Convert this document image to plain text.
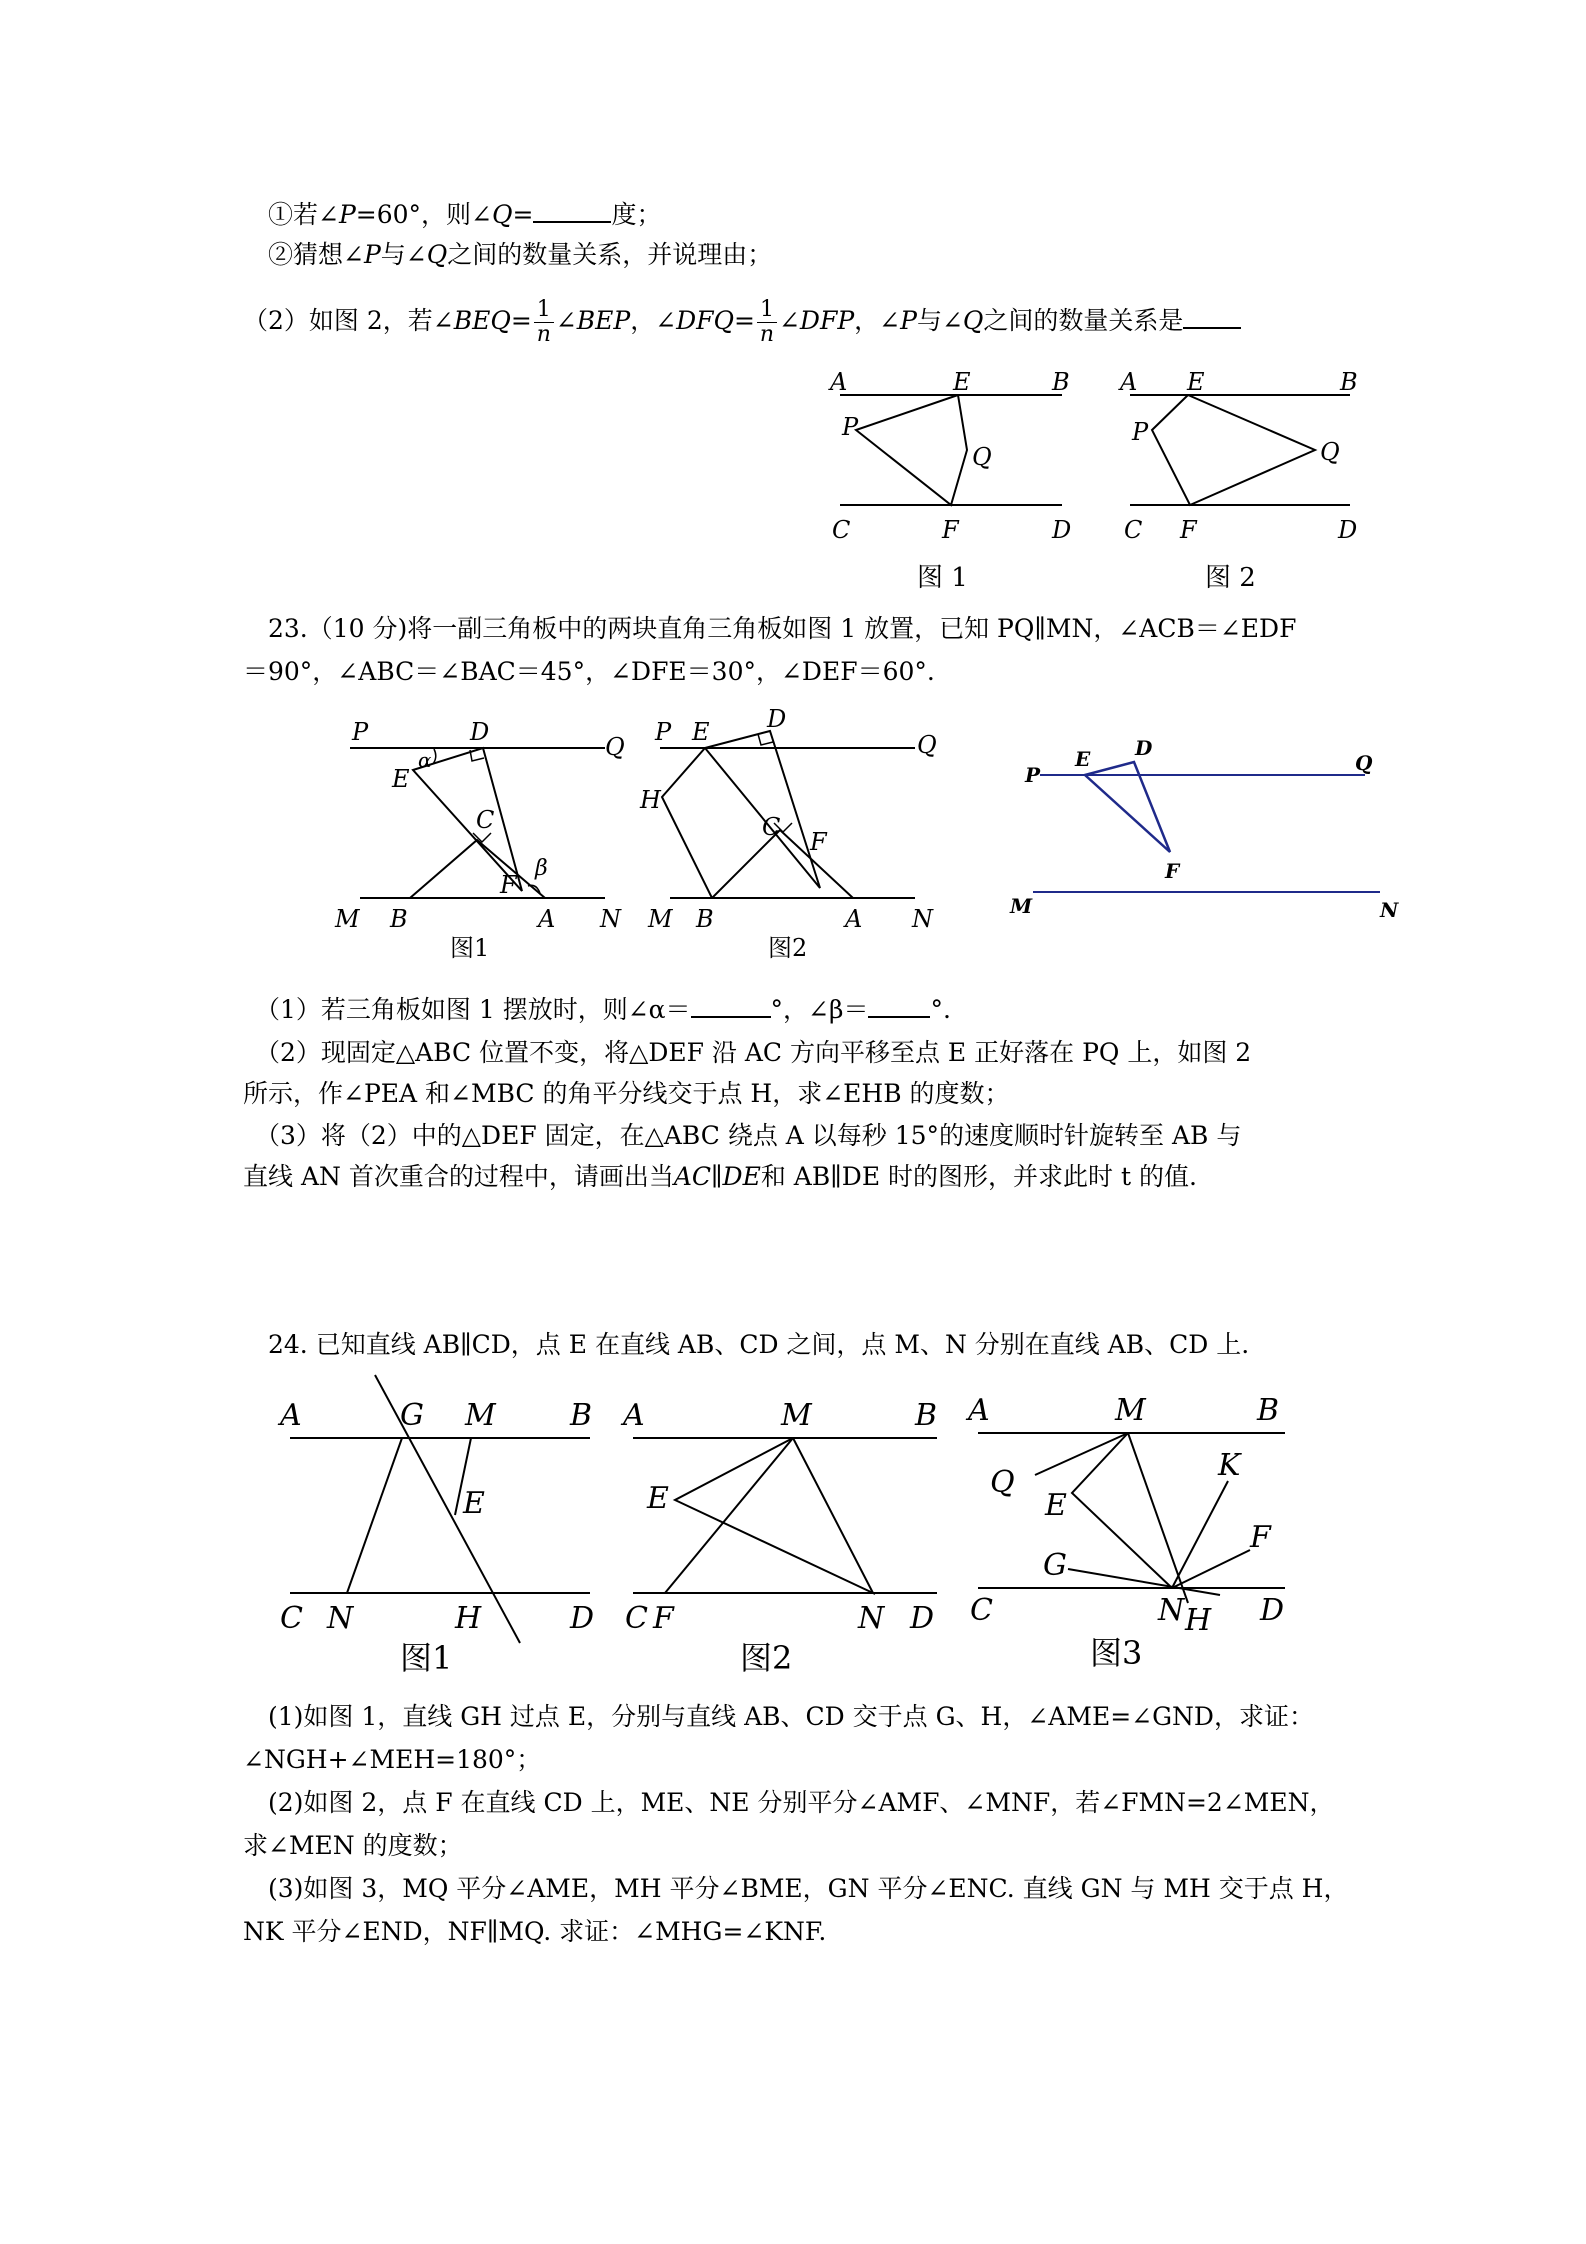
①若∠P=60°，则∠Q=	度；
②猜想∠P与∠Q之间的数量关系，并说理由；
（2）如图 2，若∠BEQ= $\frac{1}{n}$ ∠BEP，∠DFQ= $\frac{1}{n}$ ∠DFP，∠P与∠Q之间的数量关系是
A	E	B
P
Q
C	F	D
图 1
A E	B
P
Q
C F	D
图 2
23.（10 分)将一副三角板中的两块直角三角板如图 1 放置，已知 PQ∥MN，∠ACB＝∠EDF
＝90°，∠ABC＝∠BAC＝45°，∠DFE＝30°，∠DEF＝60°.
P	D
Q
α
E
C
β
F
M B	A N
图1
P E D
Q
H
C
F
M B	A N
图2
P
E D
Q
F
M	N
（1）若三角板如图 1 摆放时，则∠α＝	°，∠β＝ °.
（2）现固定△ABC 位置不变，将△DEF 沿 AC 方向平移至点 E 正好落在 PQ 上，如图 2
所示，作∠PEA 和∠MBC 的角平分线交于点 H，求∠EHB 的度数；
（3）将（2）中的△DEF 固定，在△ABC 绕点 A 以每秒 15°的速度顺时针旋转至 AB 与
直线 AN 首次重合的过程中，请画出当AC∥DE和 AB∥DE 时的图形，并求此时 t 的值.
24. 已知直线 AB∥CD，点 E 在直线 AB、CD 之间，点 M、N 分别在直线 AB、CD 上.
A	G M B
E
C N	H	D
图1
A	M	B
E
C F	N D
图2
A	M	B
Q	K
E
F
G
C	N H D
图3
(1)如图 1，直线 GH 过点 E，分别与直线 AB、CD 交于点 G、H，∠AME=∠GND，求证：
∠NGH+∠MEH=180°；
(2)如图 2，点 F 在直线 CD 上，ME、NE 分别平分∠AMF、∠MNF，若∠FMN=2∠MEN，
求∠MEN 的度数；
(3)如图 3，MQ 平分∠AME，MH 平分∠BME，GN 平分∠ENC. 直线 GN 与 MH 交于点 H，
NK 平分∠END，NF∥MQ. 求证：∠MHG=∠KNF.
